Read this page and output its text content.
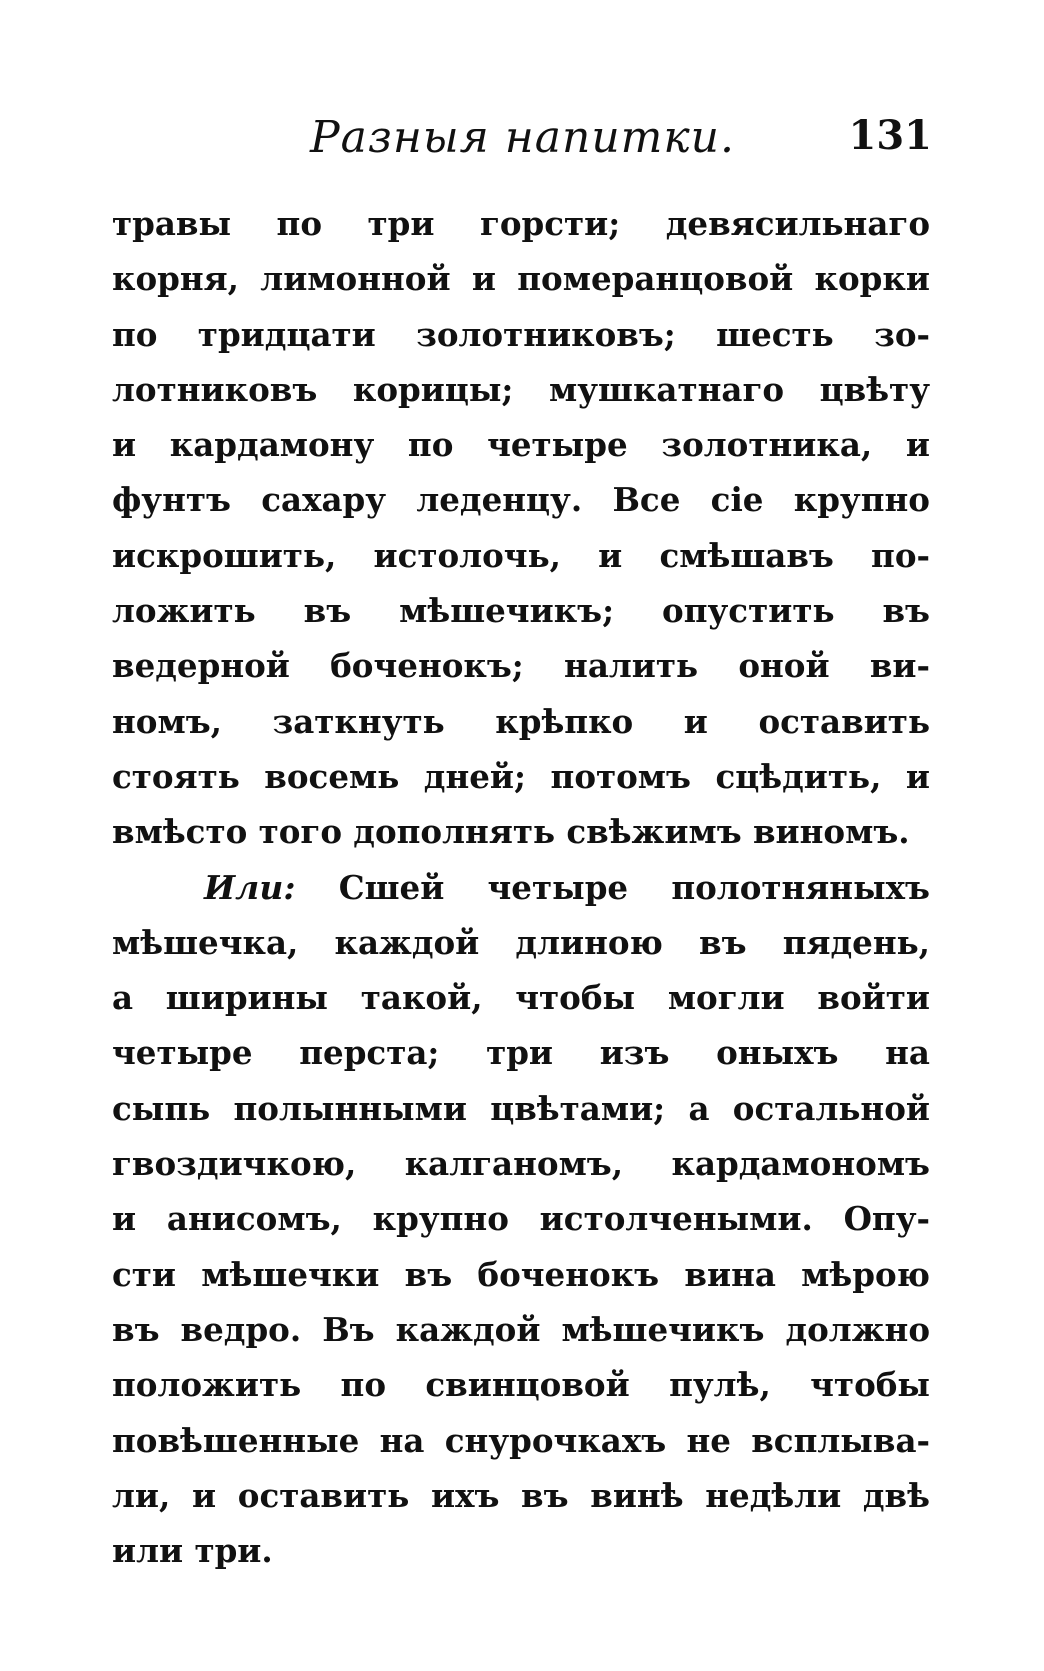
Разныя напитки.	131
травы по три горсти; девясильнаго
корня, лимонной и померанцовой корки
по тридцати золотниковъ; шесть зо-
лотниковъ корицы; мушкатнаго цвѣту
и кардамону по четыре золотника, и
фунтъ сахару леденцу. Все сiе крупно
искрошить, истолочь, и смѣшавъ по-
ложить въ мѣшечикъ; опустить въ
ведерной боченокъ; налить оной ви-
номъ, заткнуть крѣпко и оставить
стоять восемь дней; потомъ сцѣдить, и
вмѣсто того дополнять свѣжимъ виномъ.
Или: Сшей четыре полотняныхъ
мѣшечка, каждой длиною въ пядень,
а ширины такой, чтобы могли войти
четыре перста; три изъ оныхъ на
сыпь полынными цвѣтами; а остальной
гвоздичкою, калганомъ, кардамономъ
и анисомъ, крупно истолчеными. Опу-
сти мѣшечки въ боченокъ вина мѣрою
въ ведро. Въ каждой мѣшечикъ должно
положить по свинцовой пулѣ, чтобы
повѣшенные на снурочкахъ не всплыва-
ли, и оставить ихъ въ винѣ недѣли двѣ
или три.
